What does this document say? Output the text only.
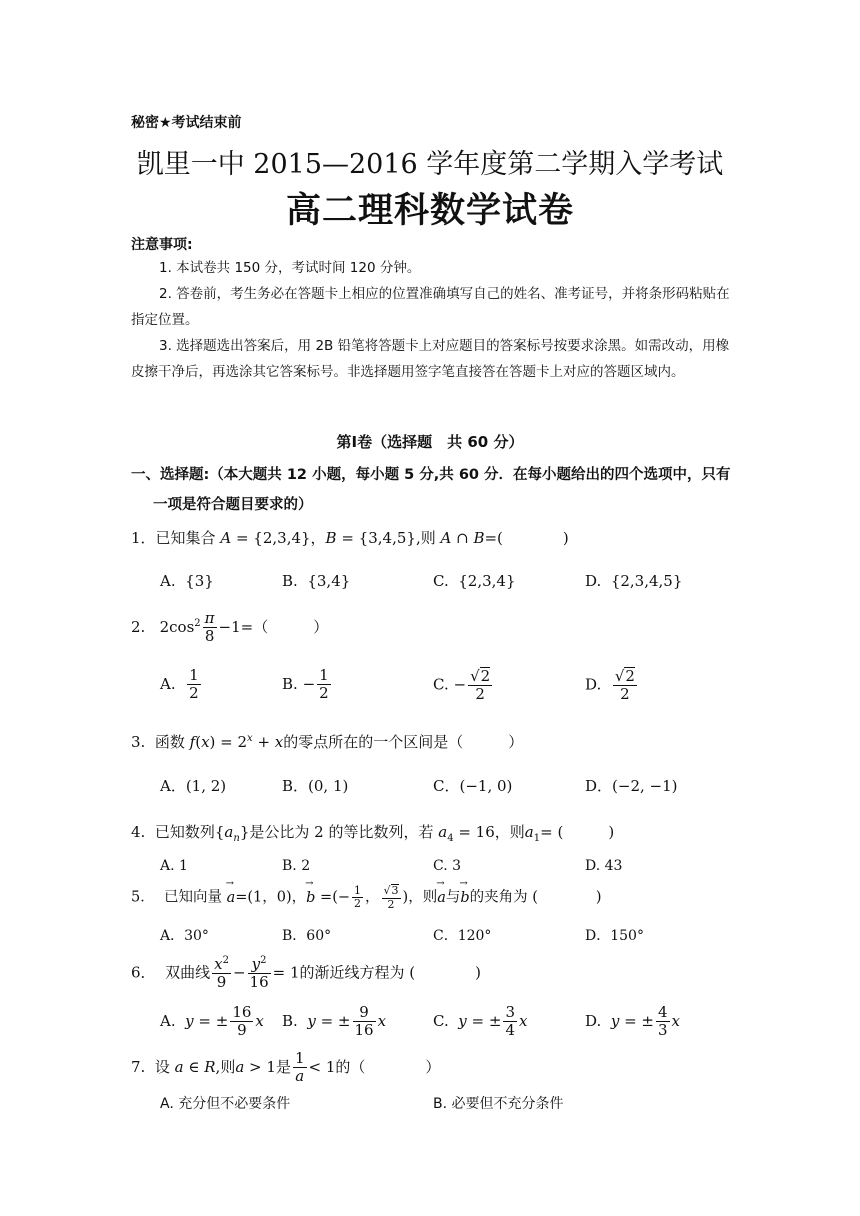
秘密★考试结束前
凯里一中 2015—2016 学年度第二学期入学考试
高二理科数学试卷
注意事项:
1. 本试卷共 150 分，考试时间 120 分钟。
2. 答卷前，考生务必在答题卡上相应的位置准确填写自己的姓名、准考证号，并将条形码粘贴在指定位置。
3. 选择题选出答案后，用 2B 铅笔将答题卡上对应题目的答案标号按要求涂黑。如需改动，用橡皮擦干净后，再选涂其它答案标号。非选择题用签字笔直接答在答题卡上对应的答题区域内。
第Ⅰ卷（选择题　共 60 分）
一、选择题:（本大题共 12 小题，每小题 5 分,共 60 分．在每小题给出的四个选项中，只有
一项是符合题目要求的）
1．已知集合 A = {2,3,4}，B = {3,4,5},则 A ∩ B=(　　　　)
A. {3}	B. {3,4}	C. {2,3,4}	D. {2,3,4,5}
2.   $2\cos^2 \frac{\pi}{8} -1=$（　　　）
A. $\frac{1}{2}$	B. − $\frac{1}{2}$	C. − $\frac{√2}{2}$	D. $\frac{√2}{2}$
3. 函数 $f(x) = 2^x + x$的零点所在的一个区间是（　　　）
A．(1, 2)	B．(0, 1)	C．(−1, 0)	D．(−2, −1)
4. 已知数列$\{a_n\}$是公比为 2 的等比数列，若 $a_4 = 16$，则$a_1=$ (　　　)
A. 1	B. 2	C. 3	D. 43
5． 已知向量 → a=(1，0)，→ b =(− $\frac{1}{2}$ ， $\frac{√3}{2}$ )，则→ a与→ b的夹角为 (　　　　)
A．30°	B．60°	C．120°	D．150°
6． 双曲线 $\frac{x^2}{9} - \frac{y^2}{16} = 1$的渐近线方程为 (　　　　)
A. y = ± $\frac{16}{9}$ x B. y = ± $\frac{9}{16}$ x	C. y = ± $\frac{3}{4}$ x	D. y = ± $\frac{4}{3}$ x
7. 设 a ∈ R,则a > 1是 $\frac{1}{a} < 1$的（　　　　）
A. 充分但不必要条件	B. 必要但不充分条件
